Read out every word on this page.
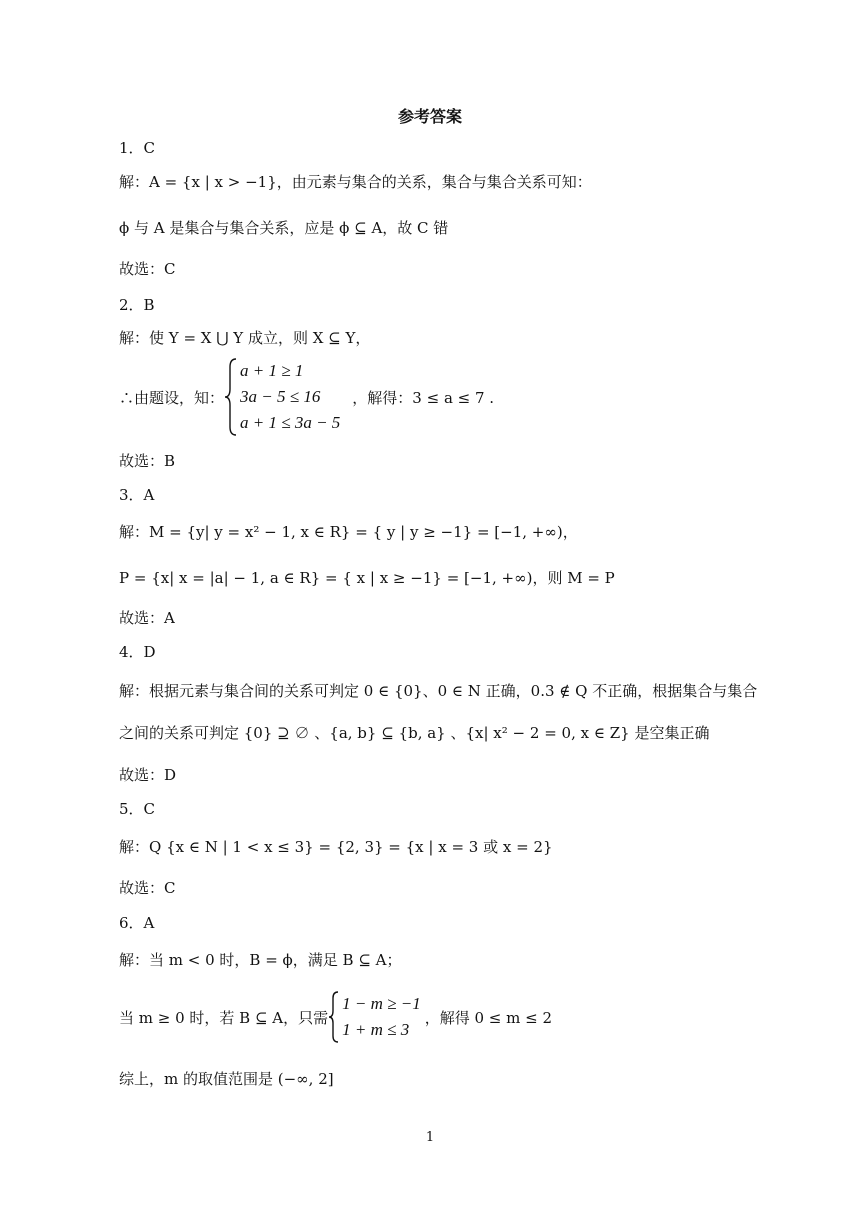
参考答案
1．C
解：A = {x | x > −1}，由元素与集合的关系，集合与集合关系可知：
ϕ 与 A 是集合与集合关系，应是 ϕ ⊆ A，故 C 错
故选：C
2．B
解：使 Y = X ⋃ Y 成立，则 X ⊆ Y，
∴由题设，知：
a + 1 ≥ 1
3a − 5 ≤ 16
a + 1 ≤ 3a − 5
，解得：3 ≤ a ≤ 7 .
故选：B
3．A
解：M = {y| y = x² − 1, x ∈ R} = { y | y ≥ −1} = [−1, +∞)，
P = {x| x = |a| − 1, a ∈ R} = { x | x ≥ −1} = [−1, +∞)，则 M = P
故选：A
4．D
解：根据元素与集合间的关系可判定 0 ∈ {0}、0 ∈ N 正确，0.3 ∉ Q 不正确，根据集合与集合
之间的关系可判定 {0} ⊇ ∅ 、{a, b} ⊆ {b, a} 、{x| x² − 2 = 0, x ∈ Z} 是空集正确
故选：D
5．C
解：Q {x ∈ N | 1 < x ≤ 3} = {2, 3} = {x | x = 3 或 x = 2}
故选：C
6．A
解：当 m < 0 时，B = ϕ，满足 B ⊆ A；
当 m ≥ 0 时，若 B ⊆ A，只需
1 − m ≥ −1
1 + m ≤ 3
，解得 0 ≤ m ≤ 2
综上，m 的取值范围是 (−∞, 2]
1
